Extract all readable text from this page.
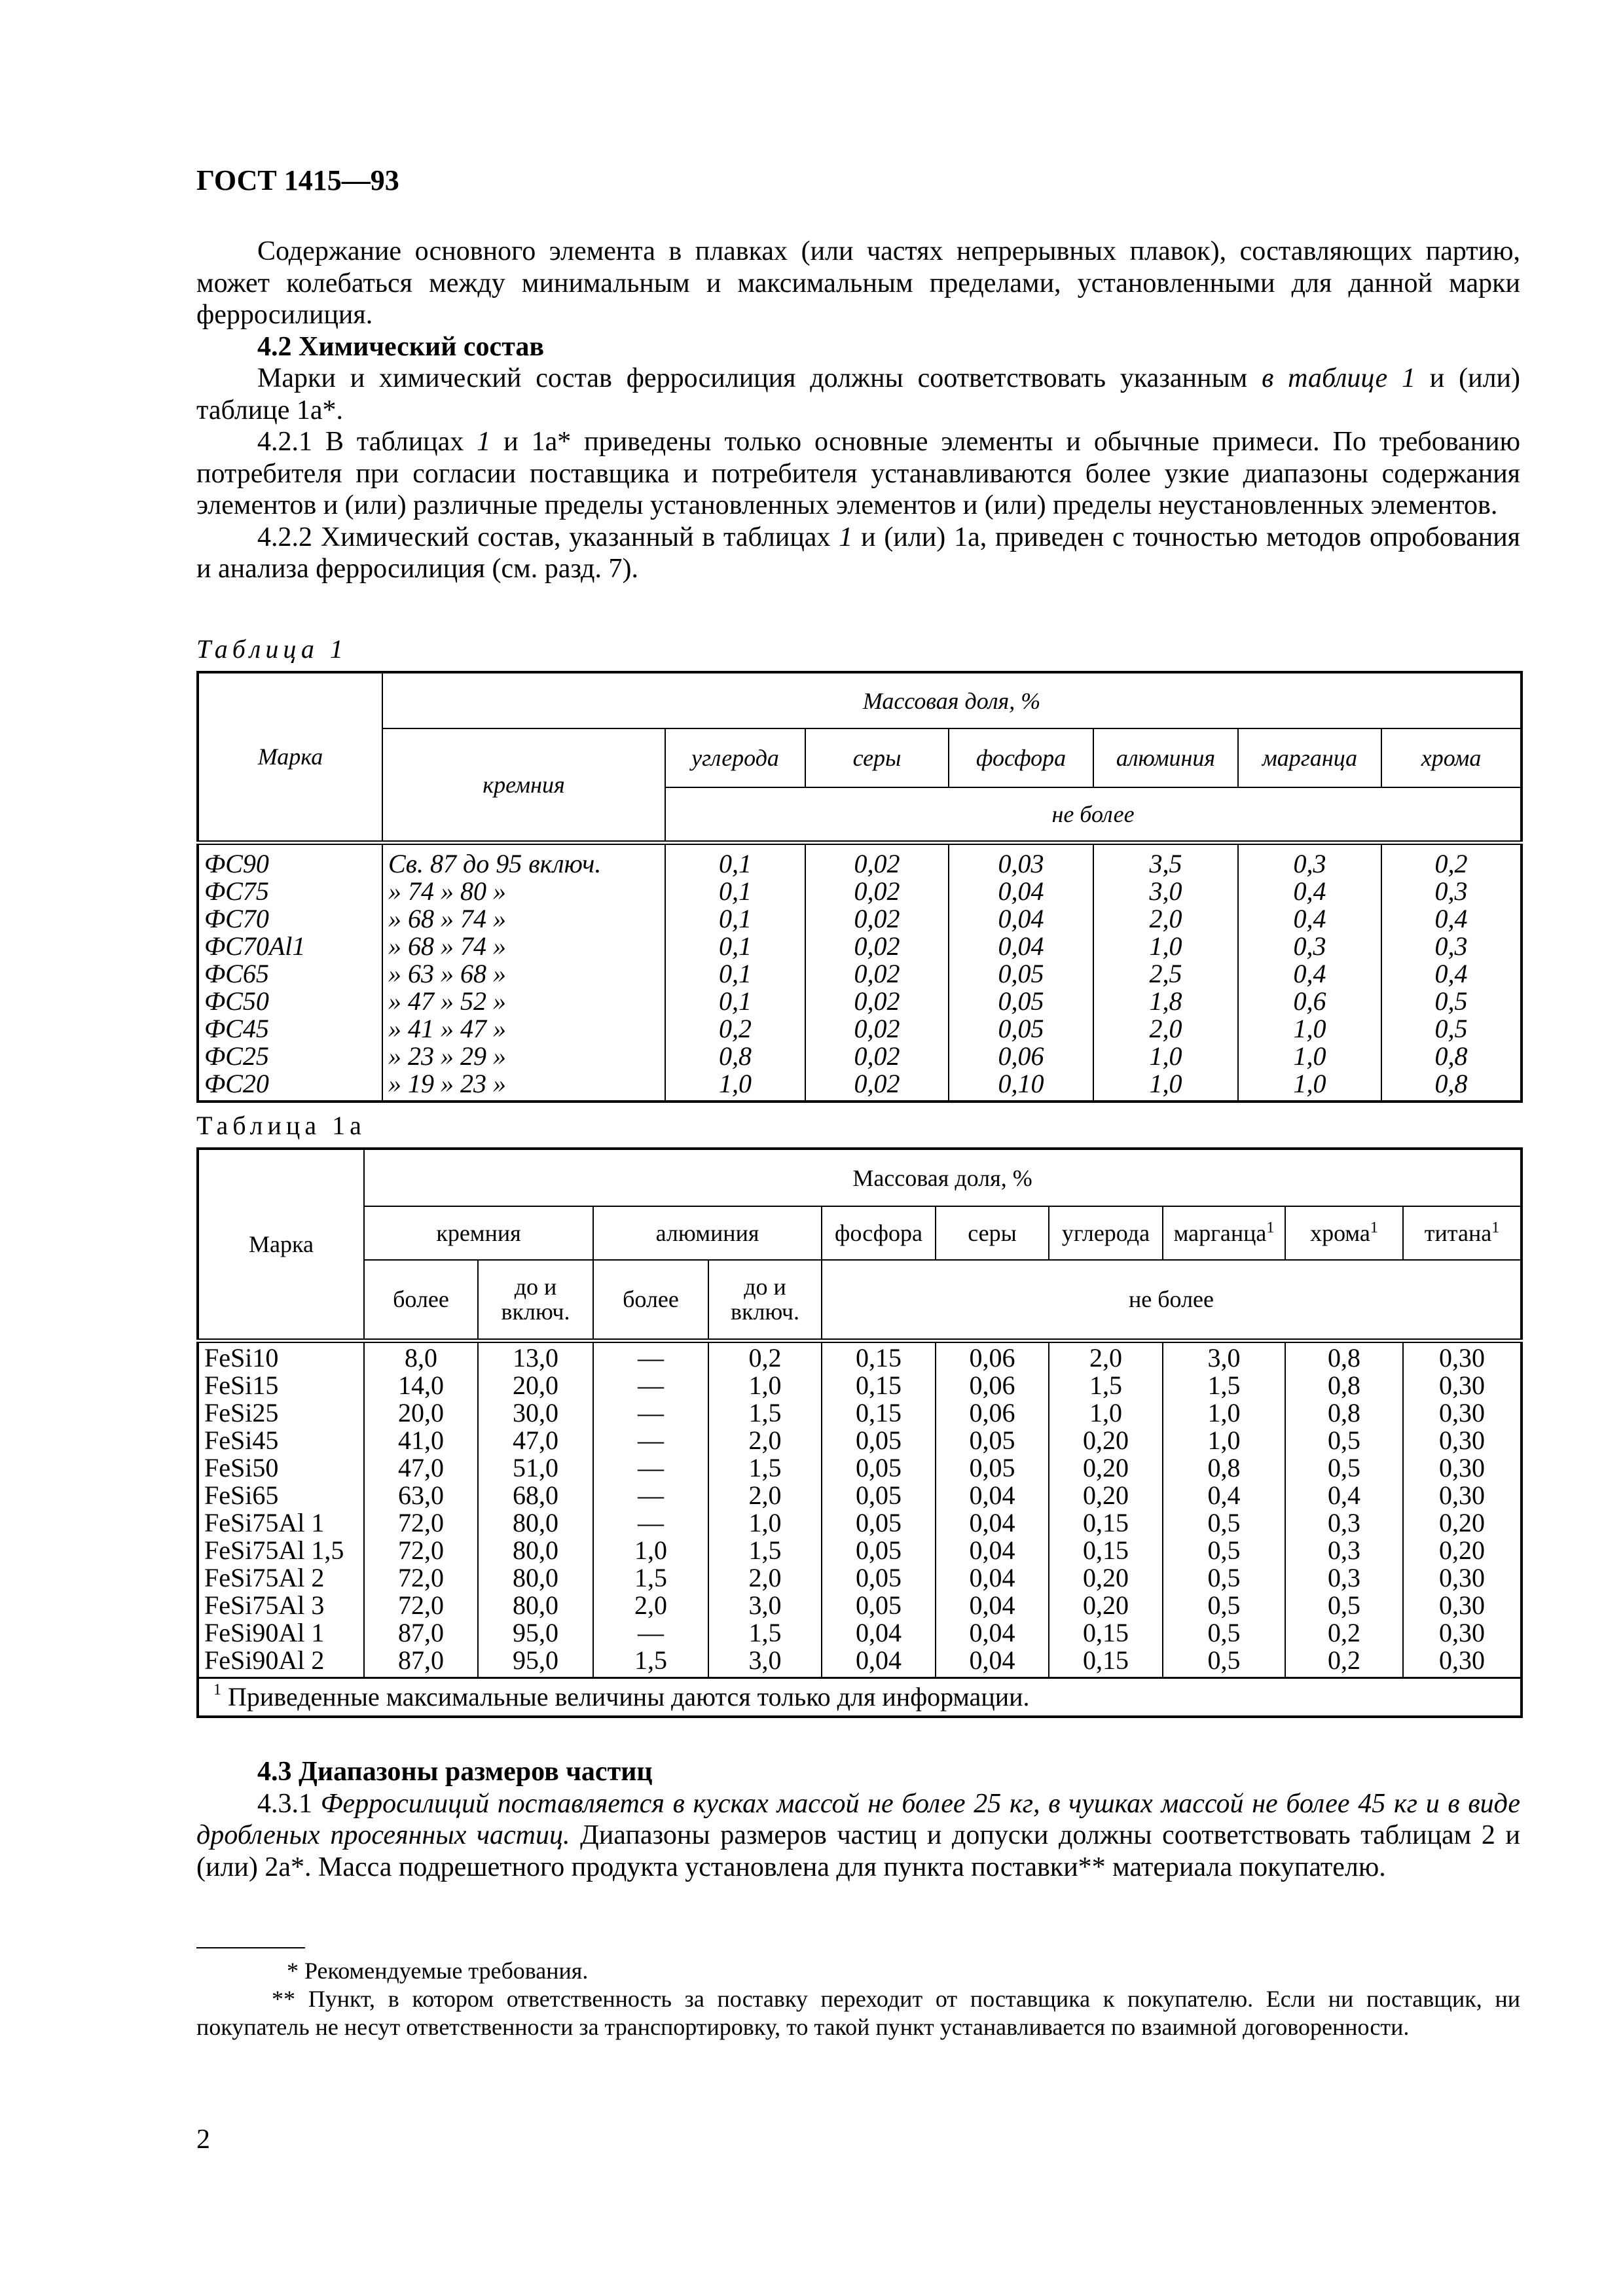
ГОСТ 1415—93

Содержание основного элемента в плавках (или частях непрерывных плавок), составляющих партию, может колебаться между минимальным и максимальным пределами, установленными для данной марки ферросилиция.

4.2 Химический состав

Марки и химический состав ферросилиция должны соответствовать указанным в таблице 1 и (или) таблице 1а*.

4.2.1 В таблицах 1 и 1а* приведены только основные элементы и обычные примеси. По требованию потребителя при согласии поставщика и потребителя устанавливаются более узкие диапазоны содержания элементов и (или) различные пределы установленных элементов и (или) пределы неустановленных элементов.

4.2.2 Химический состав, указанный в таблицах 1 и (или) 1а, приведен с точностью методов опробования и анализа ферросилиция (см. разд. 7).

Таблица 1
Марка	Массовая доля, %						
	кремния	углерода	серы	фосфора	алюминия	марганца	хрома
		не более					
ФС90	Св. 87 до 95 включ.	0,1	0,02	0,03	3,5	0,3	0,2
ФС75	» 74 » 80 »	0,1	0,02	0,04	3,0	0,4	0,3
ФС70	» 68 » 74 »	0,1	0,02	0,04	2,0	0,4	0,4
ФС70Al1	» 68 » 74 »	0,1	0,02	0,04	1,0	0,3	0,3
ФС65	» 63 » 68 »	0,1	0,02	0,05	2,5	0,4	0,4
ФС50	» 47 » 52 »	0,1	0,02	0,05	1,8	0,6	0,5
ФС45	» 41 » 47 »	0,2	0,02	0,05	2,0	1,0	0,5
ФС25	» 23 » 29 »	0,8	0,02	0,06	1,0	1,0	0,8
ФС20	» 19 » 23 »	1,0	0,02	0,10	1,0	1,0	0,8
Таблица 1а
Марка	Массовая доля, %									
	кремния		алюминия		фосфора	серы	углерода	марганца$^1$	хрома$^1$	титана$^1$
	более	до и включ.	более	до и включ.	не более					
FeSi10	8,0	13,0	—	0,2	0,15	0,06	2,0	3,0	0,8	0,30
FeSi15	14,0	20,0	—	1,0	0,15	0,06	1,5	1,5	0,8	0,30
FeSi25	20,0	30,0	—	1,5	0,15	0,06	1,0	1,0	0,8	0,30
FeSi45	41,0	47,0	—	2,0	0,05	0,05	0,20	1,0	0,5	0,30
FeSi50	47,0	51,0	—	1,5	0,05	0,05	0,20	0,8	0,5	0,30
FeSi65	63,0	68,0	—	2,0	0,05	0,04	0,20	0,4	0,4	0,30
FeSi75Al 1	72,0	80,0	—	1,0	0,05	0,04	0,15	0,5	0,3	0,20
FeSi75Al 1,5	72,0	80,0	1,0	1,5	0,05	0,04	0,15	0,5	0,3	0,20
FeSi75Al 2	72,0	80,0	1,5	2,0	0,05	0,04	0,20	0,5	0,3	0,30
FeSi75Al 3	72,0	80,0	2,0	3,0	0,05	0,04	0,20	0,5	0,5	0,30
FeSi90Al 1	87,0	95,0	—	1,5	0,04	0,04	0,15	0,5	0,2	0,30
FeSi90Al 2	87,0	95,0	1,5	3,0	0,04	0,04	0,15	0,5	0,2	0,30
$^1$ Приведенные максимальные величины даются только для информации.										
4.3 Диапазоны размеров частиц

4.3.1 Ферросилиций поставляется в кусках массой не более 25 кг, в чушках массой не более 45 кг и в виде дробленых просеянных частиц. Диапазоны размеров частиц и допуски должны соответствовать таблицам 2 и (или) 2а*. Масса подрешетного продукта установлена для пункта поставки** материала покупателю.

* Рекомендуемые требования.

** Пункт, в котором ответственность за поставку переходит от поставщика к покупателю. Если ни поставщик, ни покупатель не несут ответственности за транспортировку, то такой пункт устанавливается по взаимной договоренности.

2
